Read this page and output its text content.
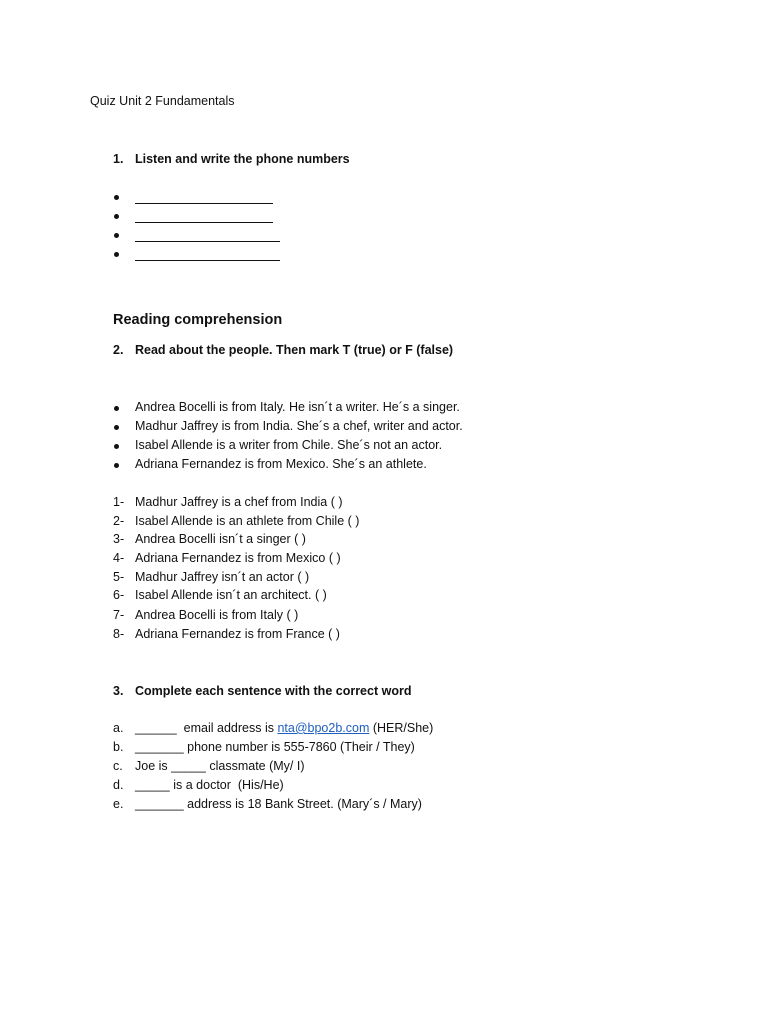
Quiz Unit 2 Fundamentals
1. Listen and write the phone numbers
Reading comprehension
2. Read about the people. Then mark T (true) or F (false)
Andrea Bocelli is from Italy. He isn´t a writer. He´s a singer.
Madhur Jaffrey is from India. She´s a chef, writer and actor.
Isabel Allende is a writer from Chile. She´s not an actor.
Adriana Fernandez is from Mexico. She´s an athlete.
1- Madhur Jaffrey is a chef from India ( )
2- Isabel Allende is an athlete from Chile ( )
3- Andrea Bocelli isn´t a singer ( )
4- Adriana Fernandez is from Mexico ( )
5- Madhur Jaffrey isn´t an actor ( )
6- Isabel Allende isn´t an architect. ( )
7- Andrea Bocelli is from Italy ( )
8- Adriana Fernandez is from France ( )
3. Complete each sentence with the correct word
a. ______  email address is nta@bpo2b.com (HER/She)
b. _______ phone number is 555-7860 (Their / They)
c. Joe is _____ classmate (My/ I)
d. _____ is a doctor  (His/He)
e. _______ address is 18 Bank Street. (Mary´s / Mary)
